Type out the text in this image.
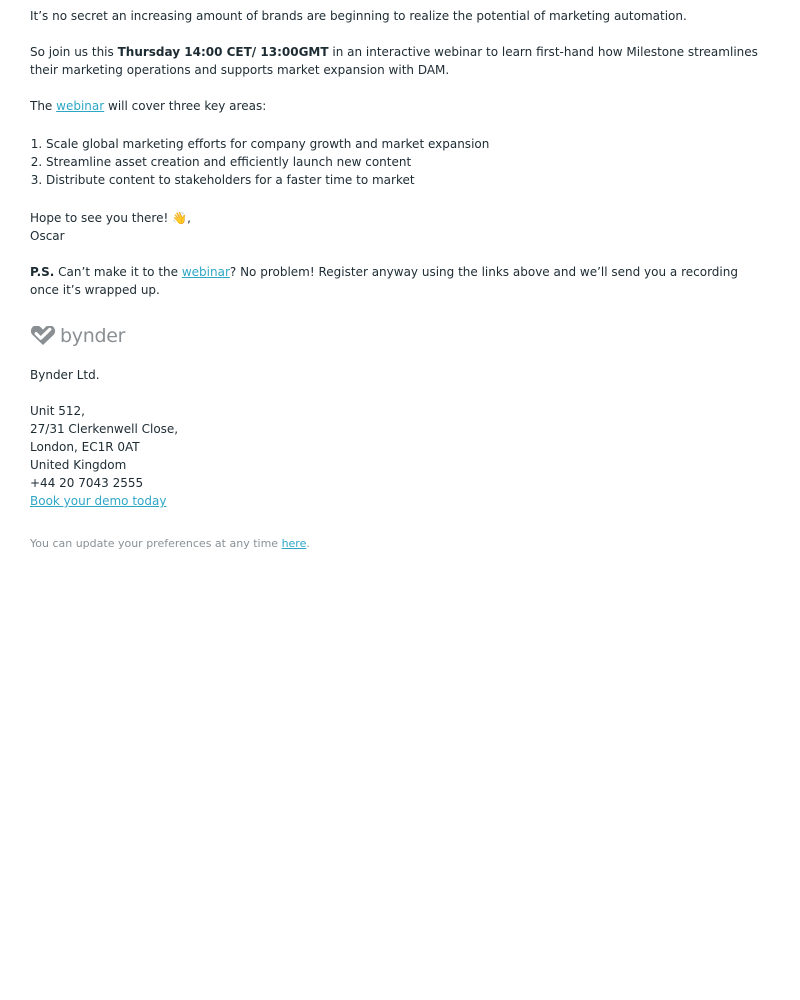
It’s no secret an increasing amount of brands are beginning to realize the potential of marketing automation.

So join us this Thursday 14:00 CET/ 13:00GMT in an interactive webinar to learn first-hand how Milestone streamlines their marketing operations and supports market expansion with DAM.

The webinar will cover three key areas:

1. Scale global marketing efforts for company growth and market expansion
2. Streamline asset creation and efficiently launch new content
3. Distribute content to stakeholders for a faster time to market

Hope to see you there! 👋,
Oscar

P.S. Can’t make it to the webinar? No problem! Register anyway using the links above and we’ll send you a recording once it’s wrapped up.

bynder

Bynder Ltd.

Unit 512,
27/31 Clerkenwell Close,
London, EC1R 0AT
United Kingdom
+44 20 7043 2555
Book your demo today

You can update your preferences at any time here.
